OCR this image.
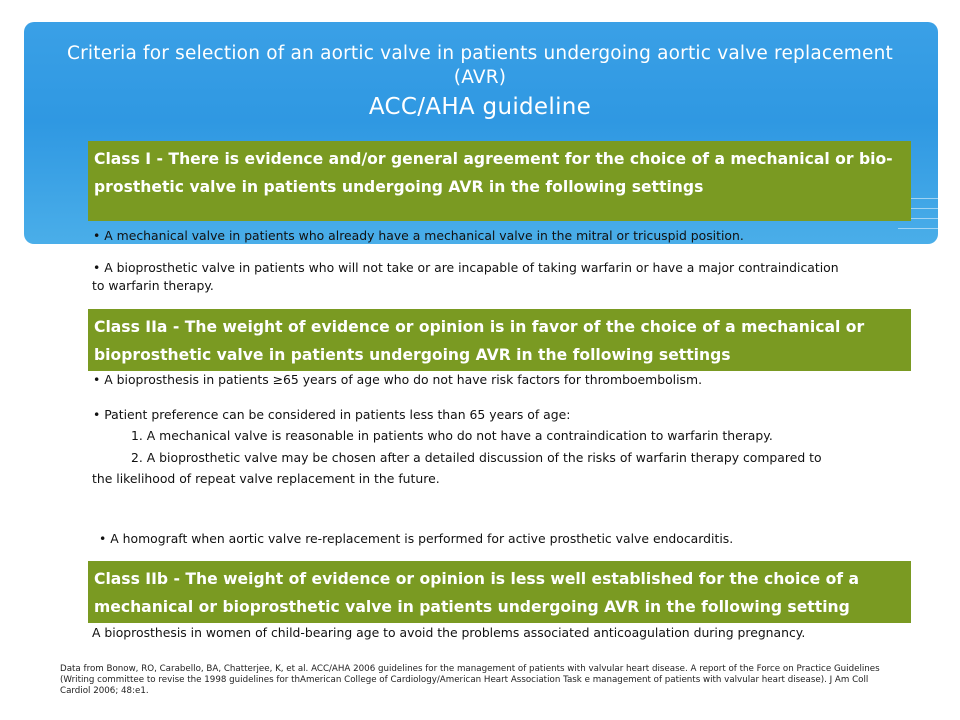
Criteria for selection of an aortic valve in patients undergoing aortic valve replacement (AVR)
ACC/AHA guideline
Class I - There is evidence and/or general agreement for the choice of a mechanical or bio-prosthetic valve in patients undergoing AVR in the following settings
• A mechanical valve in patients who already have a mechanical valve in the mitral or tricuspid position.
• A bioprosthetic valve in patients who will not take or are incapable of taking warfarin or have a major contraindication to warfarin therapy.
Class IIa - The weight of evidence or opinion is in favor of the choice of a mechanical or bioprosthetic valve in patients undergoing AVR in the following settings
• A bioprosthesis in patients ≥65 years of age who do not have risk factors for thromboembolism.
• Patient preference can be considered in patients less than 65 years of age:
1. A mechanical valve is reasonable in patients who do not have a contraindication to warfarin therapy.
2. A bioprosthetic valve may be chosen after a detailed discussion of the risks of warfarin therapy compared to
the likelihood of repeat valve replacement in the future.
• A homograft when aortic valve re-replacement is performed for active prosthetic valve endocarditis.
Class IIb - The weight of evidence or opinion is less well established for the choice of a mechanical or bioprosthetic valve in patients undergoing AVR in the following setting
A bioprosthesis in women of child-bearing age to avoid the problems associated anticoagulation during pregnancy.
Data from Bonow, RO, Carabello, BA, Chatterjee, K, et al. ACC/AHA 2006 guidelines for the management of patients with valvular heart disease. A report of the Force on Practice Guidelines (Writing committee to revise the 1998 guidelines for thAmerican College of Cardiology/American Heart Association Task e management of patients with valvular heart disease). J Am Coll Cardiol 2006; 48:e1.
